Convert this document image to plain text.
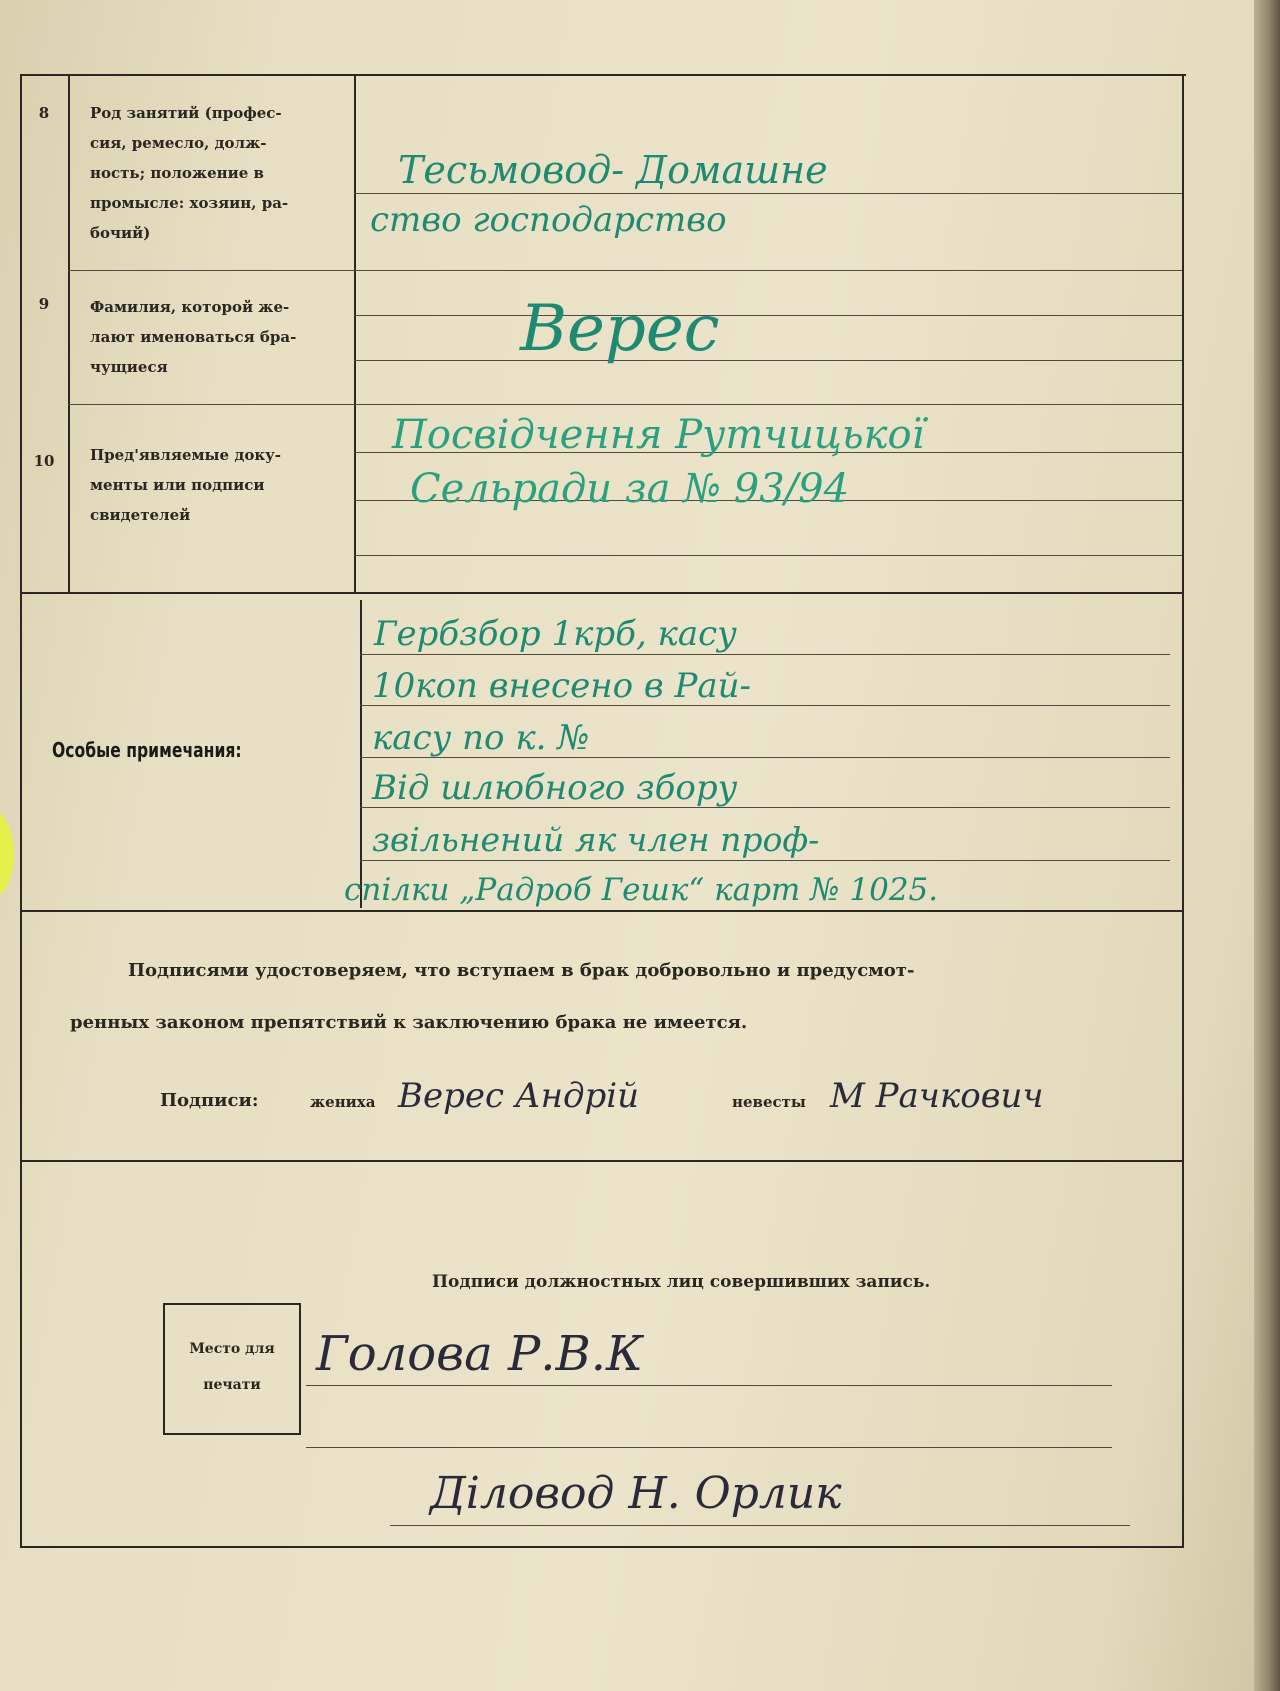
8	Род занятий (профес-
сия, ремесло, долж-
ность; положение в
промысле: хозяин, ра-
бочий)
Тесьмовод- Домашне
ство господарство
9	Фамилия, которой же-
лают именоваться бра-
чущиеся
Верес
10	Пред'являемые доку-
менты или подписи
свидетелей
Посвідчення Рутчицької
Сельради за № 93/94
Особые примечания:
Гербзбор 1крб, касу
10коп внесено в Рай-
касу по к. №
Від шлюбного збору
звільнений як член проф-
спілки „Радроб Гешк“ карт № 1025.
Подписями удостоверяем, что вступаем в брак добровольно и предусмот-
ренных законом препятствий к заключению брака не имеется.
Подписи:	жениха Верес Андрій	невесты М Рачкович
Подписи должностных лиц совершивших запись.
Место для
печати
Голова Р.В.К
Діловод Н. Орлик
